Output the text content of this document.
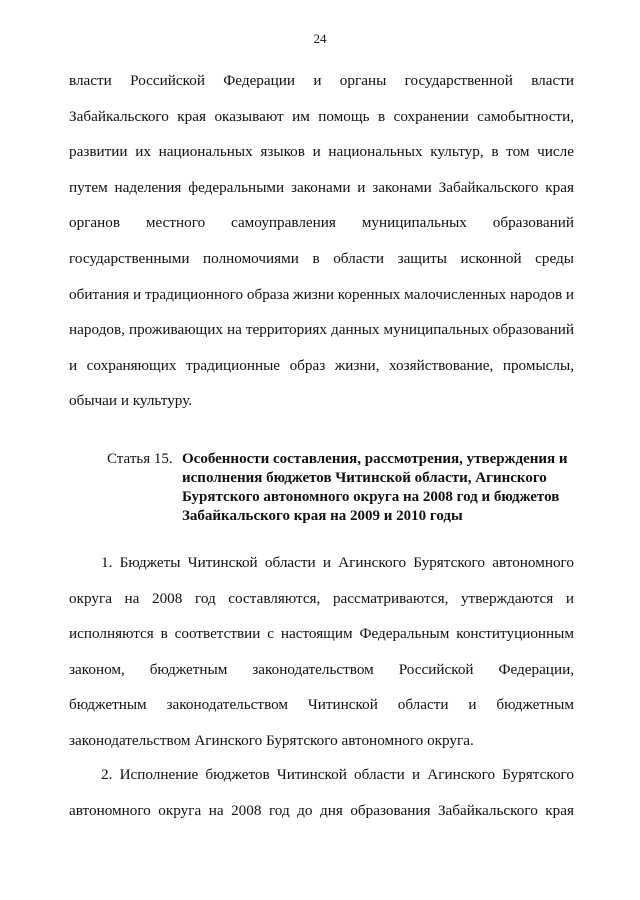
24
власти Российской Федерации и органы государственной власти
Забайкальского края оказывают им помощь в сохранении самобытности,
развитии их национальных языков и национальных культур, в том числе
путем наделения федеральными законами и законами Забайкальского края
органов местного самоуправления муниципальных образований
государственными полномочиями в области защиты исконной среды
обитания и традиционного образа жизни коренных малочисленных народов и
народов, проживающих на территориях данных муниципальных образований
и сохраняющих традиционные образ жизни, хозяйствование, промыслы,
обычаи и культуру.
Статья 15. Особенности составления, рассмотрения, утверждения и
исполнения бюджетов Читинской области, Агинского
Бурятского автономного округа на 2008 год и бюджетов
Забайкальского края на 2009 и 2010 годы
1. Бюджеты Читинской области и Агинского Бурятского автономного
округа на 2008 год составляются, рассматриваются, утверждаются и
исполняются в соответствии с настоящим Федеральным конституционным
законом, бюджетным законодательством Российской Федерации,
бюджетным законодательством Читинской области и бюджетным
законодательством Агинского Бурятского автономного округа.
2. Исполнение бюджетов Читинской области и Агинского Бурятского
автономного округа на 2008 год до дня образования Забайкальского края
